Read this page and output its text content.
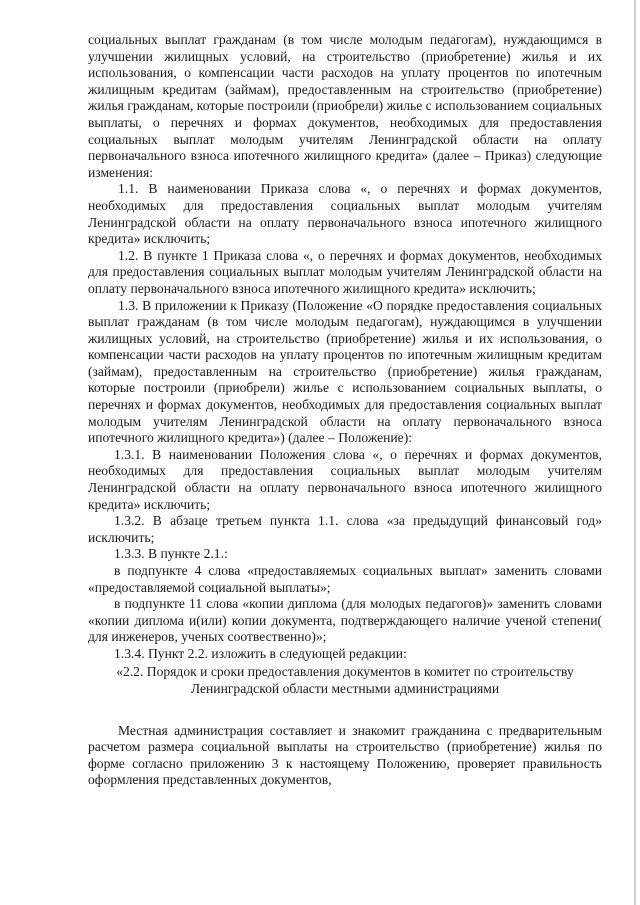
социальных выплат гражданам (в том числе молодым педагогам), нуждающимся в улучшении жилищных условий, на строительство (приобретение) жилья и их использования, о компенсации части расходов на уплату процентов по ипотечным жилищным кредитам (займам), предоставленным на строительство (приобретение) жилья гражданам, которые построили (приобрели) жилье с использованием социальных выплаты, о перечнях и формах документов, необходимых для предоставления социальных выплат молодым учителям Ленинградской области на оплату первоначального взноса ипотечного жилищного кредита» (далее – Приказ) следующие изменения:

1.1. В наименовании Приказа слова «, о перечнях и формах документов, необходимых для предоставления социальных выплат молодым учителям Ленинградской области на оплату первоначального взноса ипотечного жилищного кредита» исключить;

1.2. В пункте 1 Приказа слова «, о перечнях и формах документов, необходимых для предоставления социальных выплат молодым учителям Ленинградской области на оплату первоначального взноса ипотечного жилищного кредита» исключить;

1.3. В приложении к Приказу (Положение «О порядке предоставления социальных выплат гражданам (в том числе молодым педагогам), нуждающимся в улучшении жилищных условий, на строительство (приобретение) жилья и их использования, о компенсации части расходов на уплату процентов по ипотечным жилищным кредитам (займам), предоставленным на строительство (приобретение) жилья гражданам, которые построили (приобрели) жилье с использованием социальных выплаты, о перечнях и формах документов, необходимых для предоставления социальных выплат молодым учителям Ленинградской области на оплату первоначального взноса ипотечного жилищного кредита») (далее – Положение):

1.3.1. В наименовании Положения слова «, о перечнях и формах документов, необходимых для предоставления социальных выплат молодым учителям Ленинградской области на оплату первоначального взноса ипотечного жилищного кредита» исключить;

1.3.2. В абзаце третьем пункта 1.1. слова «за предыдущий финансовый год» исключить;

1.3.3. В пункте 2.1.:

в подпункте 4 слова «предоставляемых социальных выплат» заменить словами «предоставляемой социальной выплаты»;

в подпункте 11 слова «копии диплома (для молодых педагогов)» заменить словами «копии диплома и(или) копии документа, подтверждающего наличие ученой степени( для инженеров, ученых соотвественно)»;

1.3.4. Пункт 2.2. изложить в следующей редакции:

«2.2. Порядок и сроки предоставления документов в комитет по строительству Ленинградской области местными администрациями

Местная администрация составляет и знакомит гражданина с предварительным расчетом размера социальной выплаты на строительство (приобретение) жилья по форме согласно приложению 3 к настоящему Положению, проверяет правильность оформления представленных документов,
